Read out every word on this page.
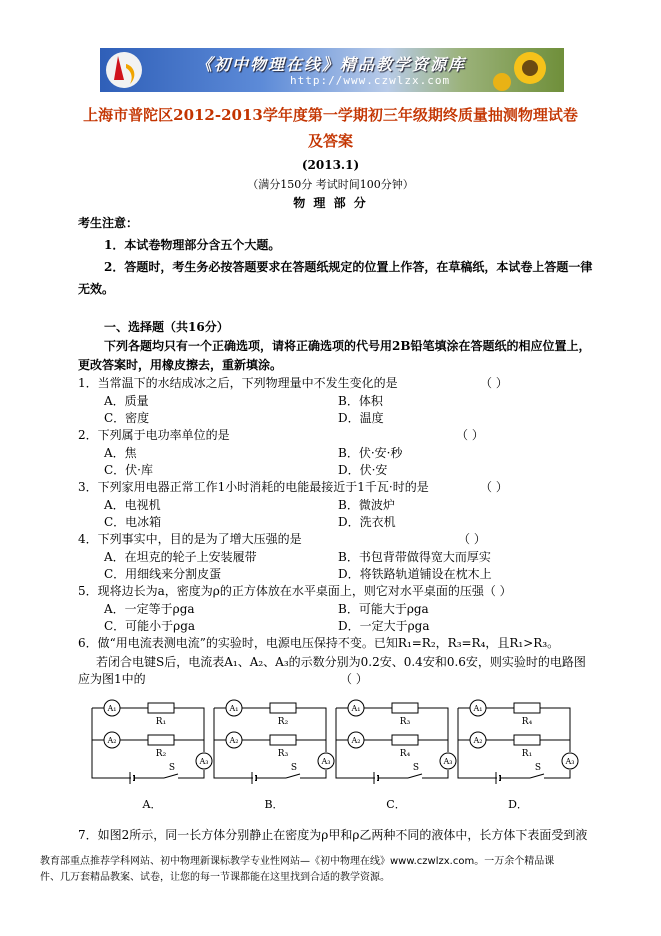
《初中物理在线》精品教学资源库
http://www.czwlzx.com
上海市普陀区2012-2013学年度第一学期初三年级期终质量抽测物理试卷
及答案
(2013.1)
（满分150分 考试时间100分钟）
物 理 部 分
考生注意：
1．本试卷物理部分含五个大题。
2．答题时，考生务必按答题要求在答题纸规定的位置上作答，在草稿纸，本试卷上答题一律
无效。
一、选择题（共16分）
下列各题均只有一个正确选项，请将正确选项的代号用2B铅笔填涂在答题纸的相应位置上，
更改答案时，用橡皮擦去，重新填涂。
1．当常温下的水结成冰之后，下列物理量中不发生变化的是	（ ）
A．质量	B．体积
C．密度	D．温度
2．下列属于电功率单位的是	（ ）
A．焦	B．伏·安·秒
C．伏·库	D．伏·安
3．下列家用电器正常工作1小时消耗的电能最接近于1千瓦·时的是	（ ）
A．电视机	B．微波炉
C．电冰箱	D．洗衣机
4．下列事实中，目的是为了增大压强的是	（ ）
A．在坦克的轮子上安装履带	B．书包背带做得宽大而厚实
C．用细线来分割皮蛋	D．将铁路轨道铺设在枕木上
5．现将边长为a，密度为ρ的正方体放在水平桌面上，则它对水平桌面的压强（ ）
A．一定等于ρga	B．可能大于ρga
C．可能小于ρga	D．一定大于ρga
6．做“用电流表测电流”的实验时，电源电压保持不变。已知R₁=R₂，R₃=R₄，且R₁>R₃。
若闭合电键S后，电流表A₁、A₂、A₃的示数分别为0.2安、0.4安和0.6安，则实验时的电路图
应为图1中的	（ ）
A₁
R₁
A₂
R₂
A₃
S
A．
A₁
R₂
A₂
R₃
A₃
S
B．
A₁
R₃
A₂
R₄
A₃
S
C．
A₁
R₄
A₂
R₁
A₃
S
D．
7．如图2所示，同一长方体分别静止在密度为ρ甲和ρ乙两种不同的液体中，长方体下表面受到液
教育部重点推荐学科网站、初中物理新课标教学专业性网站—《初中物理在线》www.czwlzx.com。一万余个精品课
件、几万套精品教案、试卷，让您的每一节课都能在这里找到合适的教学资源。
